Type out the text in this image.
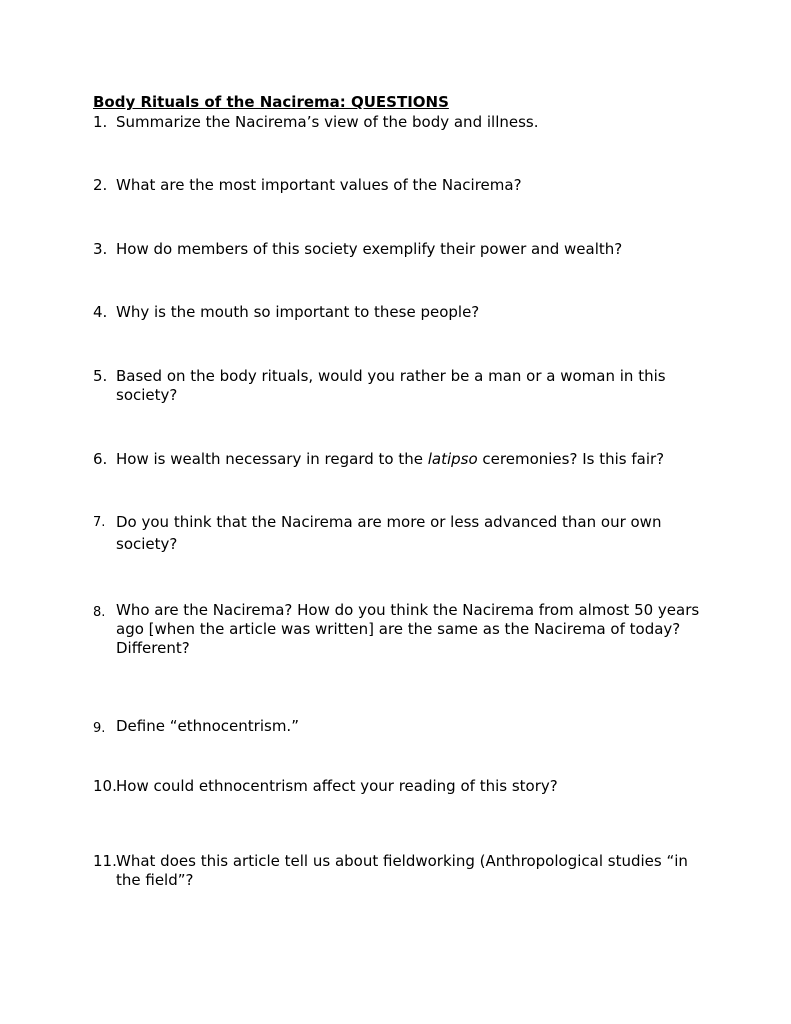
Body Rituals of the Nacirema: QUESTIONS
1. Summarize the Nacirema’s view of the body and illness.
2. What are the most important values of the Nacirema?
3. How do members of this society exemplify their power and wealth?
4. Why is the mouth so important to these people?
5. Based on the body rituals, would you rather be a man or a woman in this society?
6. How is wealth necessary in regard to the latipso ceremonies? Is this fair?
7. Do you think that the Nacirema are more or less advanced than our own society?
8. Who are the Nacirema? How do you think the Nacirema from almost 50 years ago [when the article was written] are the same as the Nacirema of today? Different?
9. Define “ethnocentrism.”
10. How could ethnocentrism affect your reading of this story?
11. What does this article tell us about fieldworking (Anthropological studies “in the field”?
